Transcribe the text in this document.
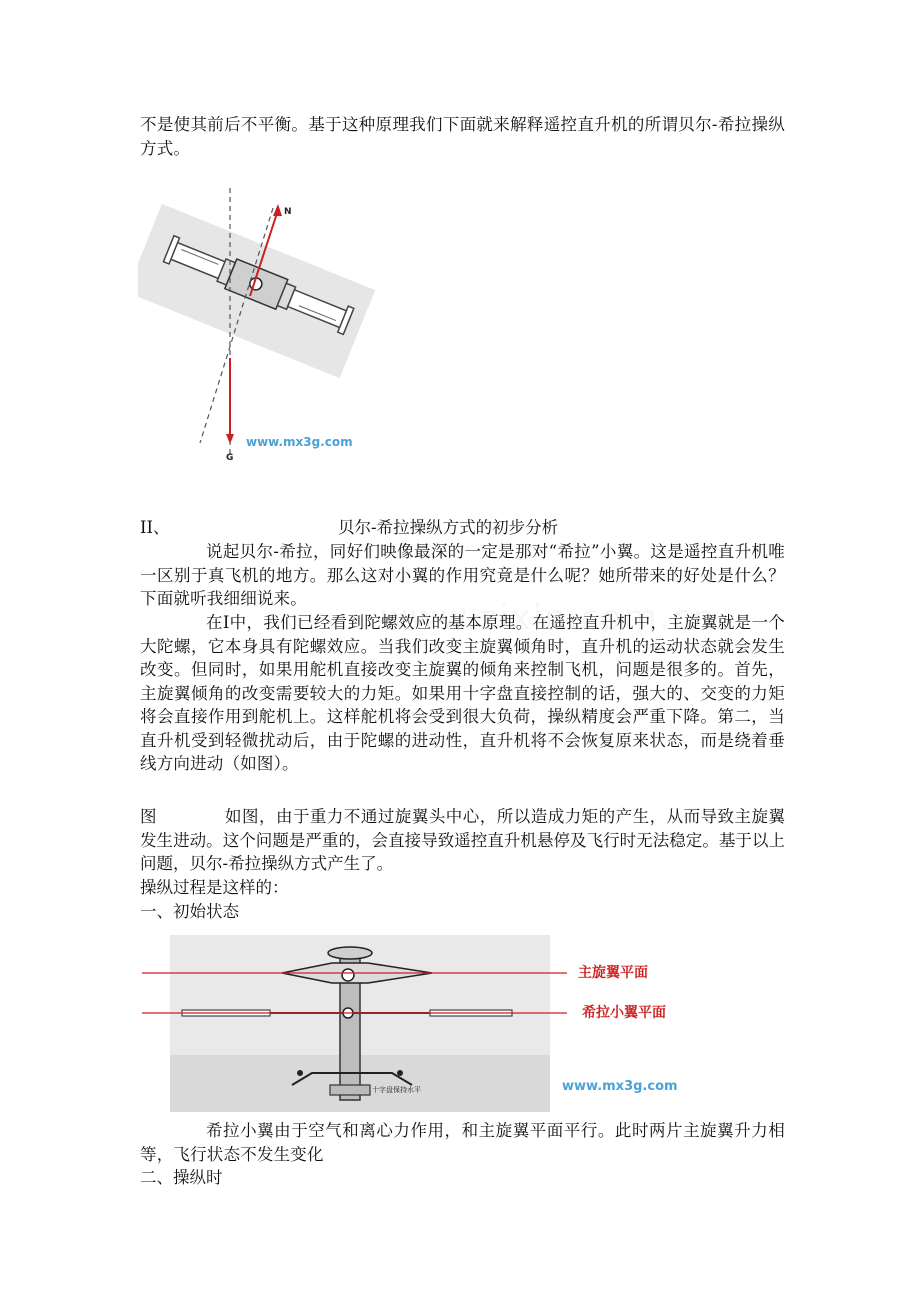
不是使其前后不平衡。基于这种原理我们下面就来解释遥控直升机的所谓贝尔-希拉操纵方式。

N
G
www.mx3g.com
II、	贝尔-希拉操纵方式的初步分析

说起贝尔-希拉，同好们映像最深的一定是那对“希拉”小翼。这是遥控直升机唯一区别于真飞机的地方。那么这对小翼的作用究竟是什么呢？她所带来的好处是什么？下面就听我细细说来。

在Ⅰ中，我们已经看到陀螺效应的基本原理。在遥控直升机中，主旋翼就是一个大陀螺，它本身具有陀螺效应。当我们改变主旋翼倾角时，直升机的运动状态就会发生改变。但同时，如果用舵机直接改变主旋翼的倾角来控制飞机，问题是很多的。首先，主旋翼倾角的改变需要较大的力矩。如果用十字盘直接控制的话，强大的、交变的力矩将会直接作用到舵机上。这样舵机将会受到很大负荷，操纵精度会严重下降。第二，当直升机受到轻微扰动后，由于陀螺的进动性，直升机将不会恢复原来状态，而是绕着垂线方向进动（如图）。

图	如图，由于重力不通过旋翼头中心，所以造成力矩的产生，从而导致主旋翼发生进动。这个问题是严重的，会直接导致遥控直升机悬停及飞行时无法稳定。基于以上问题，贝尔-希拉操纵方式产生了。

操纵过程是这样的：

一、初始状态

十字盘保持水平
主旋翼平面
希拉小翼平面
www.mx3g.com

希拉小翼由于空气和离心力作用，和主旋翼平面平行。此时两片主旋翼升力相等，飞行状态不发生变化

二、操纵时
